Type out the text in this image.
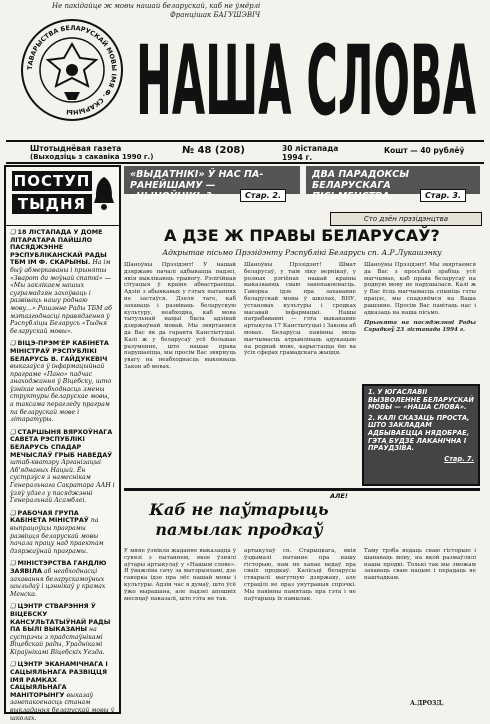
Не пакідайце ж мовы нашай беларускай, каб не ўмёрлі
Францішак БАГУШЭВІЧ
ТАВАРЫСТВА БЕЛАРУСКАЙ МОВЫ ІМЯ Ф. СКАРЫНЫ НАША СЛОВА
Штотыднёвая газета
(Выходзіць з сакавіка 1990 г.)
№ 48 (208)	30 лістапада
1994 г.
Кошт — 40 рублёў
ПОСТУП
ТЫДНЯ
❏ 18 ЛІСТАПАДА У ДОМЕ ЛІТАРАТАРА ПАЙШЛО ПАСЯДЖЭННЕ РЭСПУБЛІКАНСКАЙ РАДЫ ТБМ ІМ Ф. СКАРЫНЫ. На ім быў абмеркаваны і прыняты «Зварот да моўнай спаткі» — «Мы заклікаем нашых суграмадзян захоўваць і развіваць нашу роднаю мову...» Рашэнне Рады ТБМ аб мэтазгоднасці правядзення ў Рэспубліцы Беларусь «Тыдня беларускай мовы».
❏ ВІЦЭ-ПРЭМ'ЕР КАБІНЕТА МІНІСТРАЎ РЭСПУБЛІКІ БЕЛАРУСЬ В. ГАЙДУКЕВІЧ выказаўся ў інфармацыйнай праграме «Пано» падчас знаходжання ў Віцебску, што ўзнікае неабходнасць змены структуры беларускае мовы, а таксама перагледу праграм па беларускай мове і літаратуры.
❏ СТАРШЫНЯ ВЯРХОЎНАГА САВЕТА РЭСПУБЛІКІ БЕЛАРУСЬ СПАДАР МЕЧЫСЛАЎ ГРЫБ НАВЕДАЎ штаб-кватэру Арганізацыі Аб'яднаных Нацый. Ён сустрэўся з намеснікам Генеральнага Сакратара ААН і ўзяў удзел у пасяджэнні Генеральнай Асамблеі.
❏ РАБОЧАЯ ГРУПА КАБІНЕТА МІНІСТРАЎ па выпрацоўцы праграмы развіцця беларускай мовы пачала працу над праектам дзяржаўнай праграмы.
❏ МІНІСТЭРСТВА ГАНДЛЮ ЗАЯВІЛА аб неабходнасці захавання беларускамоўных шыльдаў і цэннікаў у крамах Менска.
❏ ЦЭНТР СТВАРЭННЯ Ў ВІЦЕБСКУ КАНСУЛЬТАТЫЎНАЙ РАДЫ ПА БЫЛІ ВЫКАЗАНЫ на сустрэчы з прадстаўнікамі Віцебскай рады, Ураднікамі Кіраўнікамі Віцебскіх Уезда.
❏ ЦЭНТР ЭКАНАМІЧНАГА І САЦЫЯЛЬНАГА РАЗВІЦЦЯ ІМЯ РАМКАХ САЦЫЯЛЬНАГА МАНІТОРЫНГУ выказаў занепакоенасць станам выкладання беларускай мовы ў школах.
«ВЫДАТНІКІ» Ў НАС ПА-РАНЕЙШАМУ — «ЧЫНОЎНІКІ»?	Стар. 2.
ДВА ПАРАДОКСЫ БЕЛАРУСКАГА ПІСЬМЕНСТВА.	Стар. 3.
Сто дзён прэзідэнцтва
А ДЗЕ Ж ПРАВЫ БЕЛАРУСАЎ?
Адкрытае пісьмо Прэзідэнту Рэспублікі Беларусь сп. А.Р.Лукашэнку
Шаноўны Прэзідэнт! У нашай дзяржаве пачалі адбывацца падзеі, якія выклікаюць трывогу. Рэлігійная сітуацыя ў краіне абвастраецца. Адзін з абыякавых у гэтых пытаннях не застаўся. Дзеля таго, каб захаваць і развіваць беларускую культуру, неабходна, каб мова тытульнай нацыі была адзінай дзяржаўнай мовай. Мы звяртаемся да Вас як да гаранта Канстытуцыі. Калі ж у беларусаў усё большае разуменне, што нашае права парушаецца, мы просім Вас звярнуць увагу на неабходнасць выконваць Закон аб мовах.
Шаноўны Прэзідэнт! Шмат беларусаў, у тым ліку вернікаў, у розных рэгіёнах нашай краіны выказваюць сваю занепакоенасць. Гаворка ідзе пра захаванне беларускай мовы ў школах, ВНУ, установах культуры і сродках масавай інфармацыі. Нашы патрабаванні — гэта выкананне артыкула 17 Канстытуцыі і Закона аб мовах. Беларусы павінны мець магчымасць атрымліваць адукацыю на роднай мове, карыстацца ёю ва ўсіх сферах грамадскага жыцця.
Шаноўны Прэзідэнт! Мы звяртаемся да Вас з просьбай зрабіць усё магчымае, каб права беларусаў на родную мову не парушалася. Калі ж у Вас ёсць магчымасць спыніць гэты працэс, мы спадзяёмся на Ваша рашэнне. Просім Вас павітаць нас і адказаць на наша пісьмо.
Прынята на пасяджэнні Рады Сарадкоў 23 лістапада 1994 г.
1. У ЮГАСЛАВІІ ВЫЗВОЛЕННЕ БЕЛАРУСКАЙ МОВЫ — «НАША СЛОВА».
2. КАЛІ СКАЗАЦЬ ПРОСТА, ШТО ЗАКЛАДАМ АДБЫВАЕЦЦА НЯДОБРАЕ, ГЭТА БУДЗЕ ЛАКАНІЧНА І ПРАЎДЗІВА.
Стар. 7.
АЛЕ!
Каб не паўтарыць
памылак продкаў
У мяне ўзнікла жаданне выказацца ў сувязі з пытаннем, якое ўзнялі аўтары артыкулаў у «Нашым слове». Я ўважліва сачу за матэрыяламі, дзе гаворка ідзе пра лёс нашай мовы і культуры. Адзін час я думаў, што ўсё ўжо вырашана, але падзеі апошніх месяцаў паказалі, што гэта не так.
артыкулаў сп. Старыцкага, якія ўздымалі пытанне пра нашу гісторыю, нам не хапае ведаў пра сваіх продкаў. Калісьці беларусы стварылі магутную дзяржаву, але страцілі яе праз унутраныя спрэчкі. Мы павінны памятаць пра гэта і не паўтарыць іх памылак.
Таму трэба ведаць сваю гісторыю і шанаваць мову, на якой размаўлялі нашы продкі. Толькі так мы зможам захаваць сваю нацыю і перадаць яе нашчадкам.
А.ДРОЗД.
